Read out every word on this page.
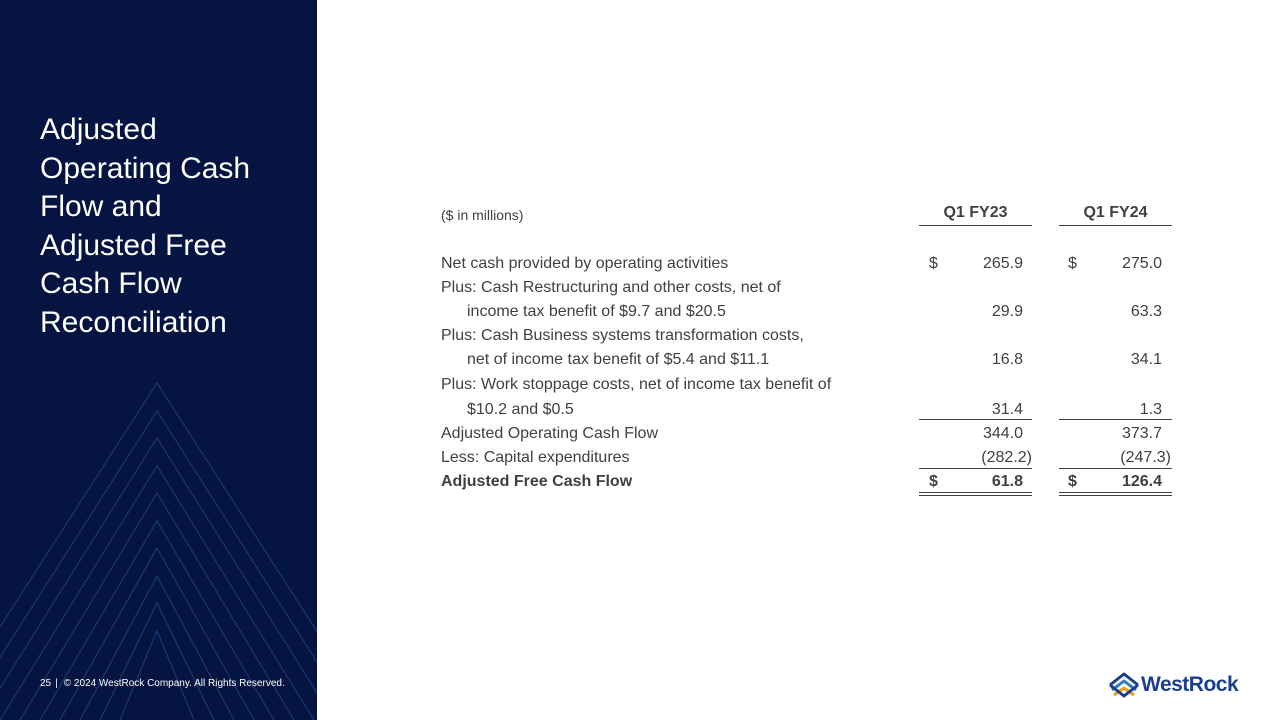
Adjusted
Operating Cash
Flow and
Adjusted Free
Cash Flow
Reconciliation
25 | © 2024 WestRock Company. All Rights Reserved.
($ in millions)	Q1 FY23	Q1 FY24
Net cash provided by operating activities	$	265.9	$	275.0
Plus: Cash Restructuring and other costs, net of
income tax benefit of $9.7 and $20.5	29.9	63.3
Plus: Cash Business systems transformation costs,
net of income tax benefit of $5.4 and $11.1	16.8	34.1
Plus: Work stoppage costs, net of income tax benefit of
$10.2 and $0.5	31.4	1.3
Adjusted Operating Cash Flow	344.0	373.7
Less: Capital expenditures	(282.2)	(247.3)
Adjusted Free Cash Flow	$	61.8	$	126.4
WestRock
